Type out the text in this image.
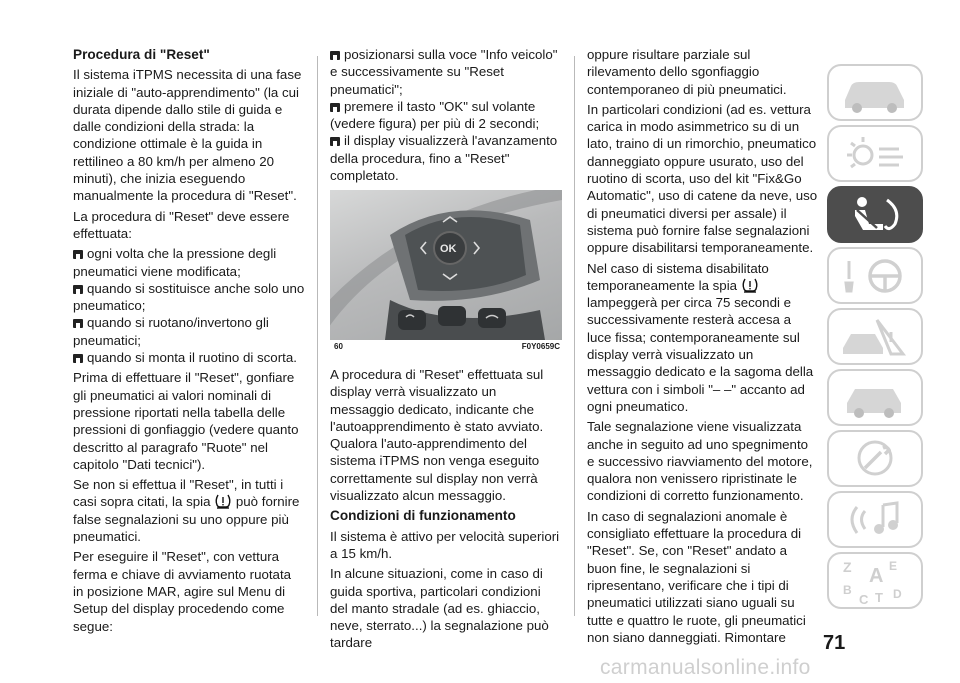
Procedura di "Reset"

Il sistema iTPMS necessita di una fase iniziale di "auto-apprendimento" (la cui durata dipende dallo stile di guida e dalle condizioni della strada: la condizione ottimale è la guida in rettilineo a 80 km/h per almeno 20 minuti), che inizia eseguendo manualmente la procedura di "Reset".

La procedura di "Reset" deve essere effettuata:

ogni volta che la pressione degli pneumatici viene modificata;

quando si sostituisce anche solo uno pneumatico;

quando si ruotano/invertono gli pneumatici;

quando si monta il ruotino di scorta.

Prima di effettuare il "Reset", gonfiare gli pneumatici ai valori nominali di pressione riportati nella tabella delle pressioni di gonfiaggio (vedere quanto descritto al paragrafo "Ruote" nel capitolo "Dati tecnici").

Se non si effettua il "Reset", in tutti i casi sopra citati, la spia può fornire false segnalazioni su uno oppure più pneumatici.

Per eseguire il "Reset", con vettura ferma e chiave di avviamento ruotata in posizione MAR, agire sul Menu di Setup del display procedendo come segue:

posizionarsi sulla voce "Info veicolo" e successivamente su "Reset pneumatici";

premere il tasto "OK" sul volante (vedere figura) per più di 2 secondi;

il display visualizzerà l'avanzamento della procedura, fino a "Reset" completato.

OK
60	F0Y0659C

A procedura di "Reset" effettuata sul display verrà visualizzato un messaggio dedicato, indicante che l'autoapprendimento è stato avviato. Qualora l'auto-apprendimento del sistema iTPMS non venga eseguito correttamente sul display non verrà visualizzato alcun messaggio.

Condizioni di funzionamento

Il sistema è attivo per velocità superiori a 15 km/h.

In alcune situazioni, come in caso di guida sportiva, particolari condizioni del manto stradale (ad es. ghiaccio, neve, sterrato...) la segnalazione può tardare

oppure risultare parziale sul rilevamento dello sgonfiaggio contemporaneo di più pneumatici.

In particolari condizioni (ad es. vettura carica in modo asimmetrico su di un lato, traino di un rimorchio, pneumatico danneggiato oppure usurato, uso del ruotino di scorta, uso del kit "Fix&Go Automatic", uso di catene da neve, uso di pneumatici diversi per assale) il sistema può fornire false segnalazioni oppure disabilitarsi temporaneamente.

Nel caso di sistema disabilitato temporaneamente la spia  lampeggerà per circa 75 secondi e successivamente resterà accesa a luce fissa; contemporaneamente sul display verrà visualizzato un messaggio dedicato e la sagoma della vettura con i simboli "– –" accanto ad ogni pneumatico.

Tale segnalazione viene visualizzata anche in seguito ad uno spegnimento e successivo riavviamento del motore, qualora non venissero ripristinate le condizioni di corretto funzionamento.

In caso di segnalazioni anomale è consigliato effettuare la procedura di "Reset". Se, con "Reset" andato a buon fine, le segnalazioni si ripresentano, verificare che i tipi di pneumatici utilizzati siano uguali su tutte e quattro le ruote, gli pneumatici non siano danneggiati. Rimontare

Z A E
B
C T D
71
carmanualsonline.info
